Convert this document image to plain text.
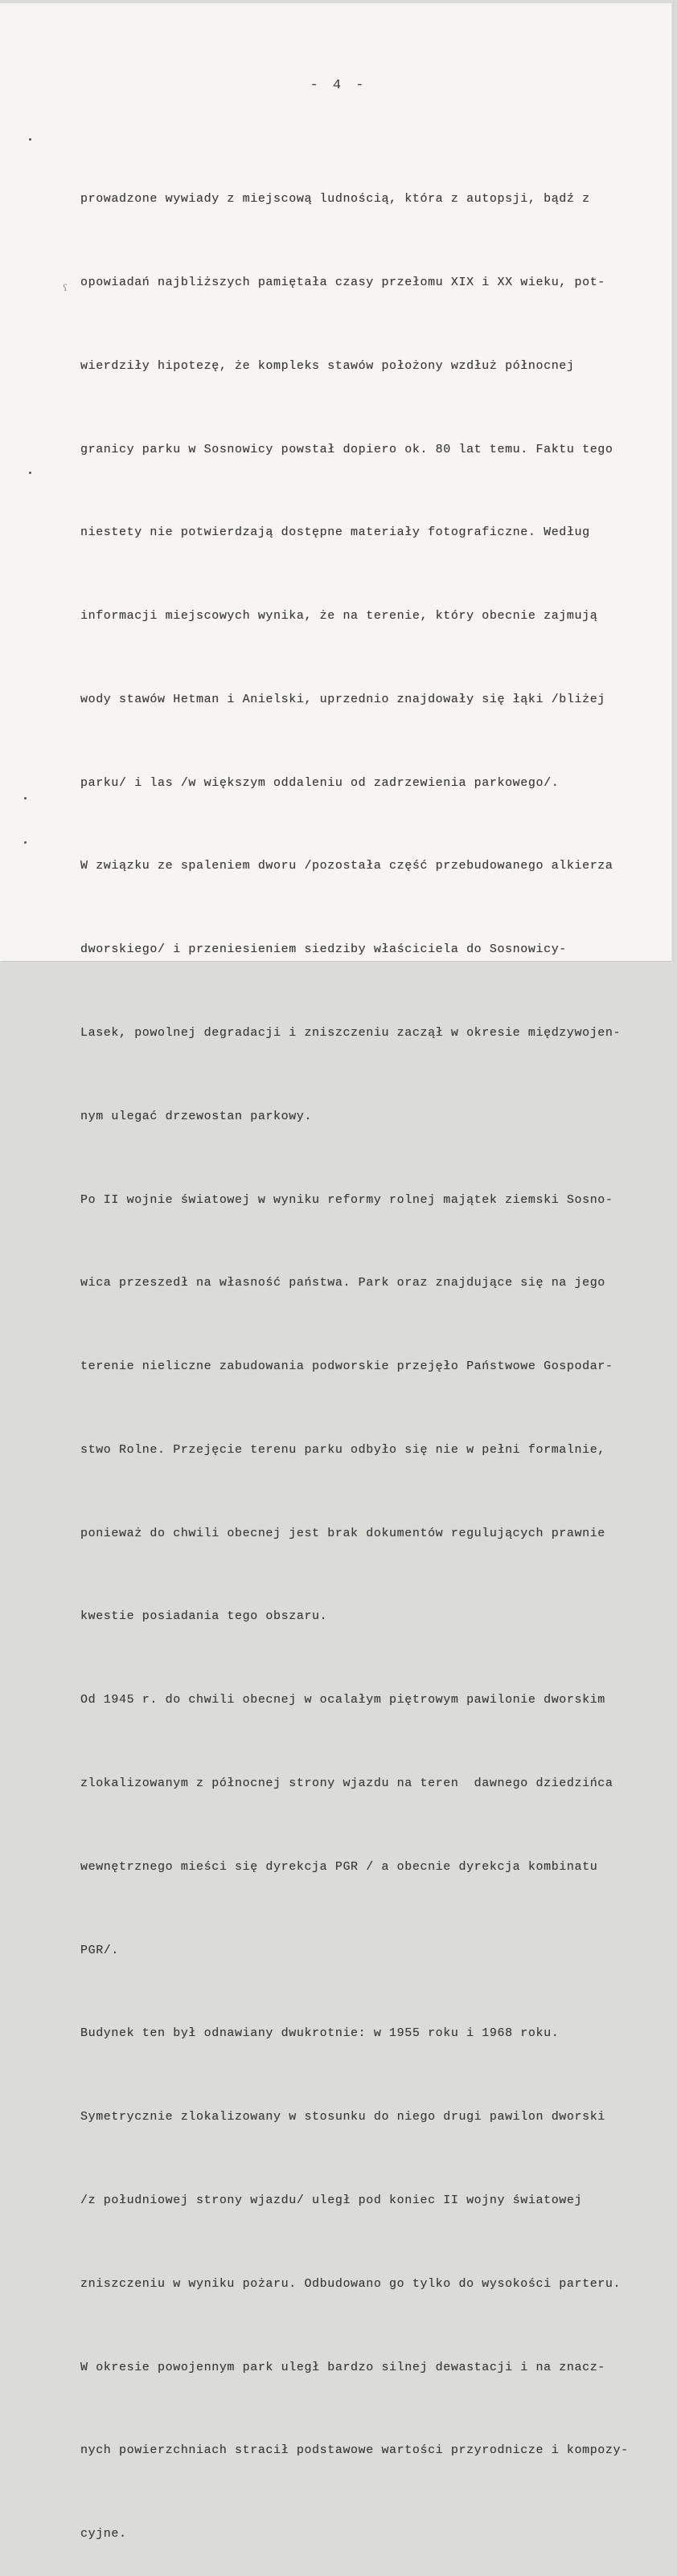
- 4 -
ʕ

prowadzone wywiady z miejscową ludnością, która z autopsji, bądź z

opowiadań najbliższych pamiętała czasy przełomu XIX i XX wieku, pot-

wierdziły hipotezę, że kompleks stawów położony wzdłuż północnej

granicy parku w Sosnowicy powstał dopiero ok. 80 lat temu. Faktu tego

niestety nie potwierdzają dostępne materiały fotograficzne. Według

informacji miejscowych wynika, że na terenie, który obecnie zajmują

wody stawów Hetman i Anielski, uprzednio znajdowały się łąki /bliżej

parku/ i las /w większym oddaleniu od zadrzewienia parkowego/.

W związku ze spaleniem dworu /pozostała część przebudowanego alkierza

dworskiego/ i przeniesieniem siedziby właściciela do Sosnowicy-

Lasek, powolnej degradacji i zniszczeniu zaczął w okresie międzywojen-

nym ulegać drzewostan parkowy.

Po II wojnie światowej w wyniku reformy rolnej majątek ziemski Sosno-

wica przeszedł na własność państwa. Park oraz znajdujące się na jego

terenie nieliczne zabudowania podworskie przejęło Państwowe Gospodar-

stwo Rolne. Przejęcie terenu parku odbyło się nie w pełni formalnie,

ponieważ do chwili obecnej jest brak dokumentów regulujących prawnie

kwestie posiadania tego obszaru.

Od 1945 r. do chwili obecnej w ocalałym piętrowym pawilonie dworskim

zlokalizowanym z północnej strony wjazdu na teren  dawnego dziedzińca

wewnętrznego mieści się dyrekcja PGR / a obecnie dyrekcja kombinatu

PGR/.

Budynek ten był odnawiany dwukrotnie: w 1955 roku i 1968 roku.

Symetrycznie zlokalizowany w stosunku do niego drugi pawilon dworski

/z południowej strony wjazdu/ uległ pod koniec II wojny światowej

zniszczeniu w wyniku pożaru. Odbudowano go tylko do wysokości parteru.

W okresie powojennym park uległ bardzo silnej dewastacji i na znacz-

nych powierzchniach stracił podstawowe wartości przyrodnicze i kompozy-

cyjne.
